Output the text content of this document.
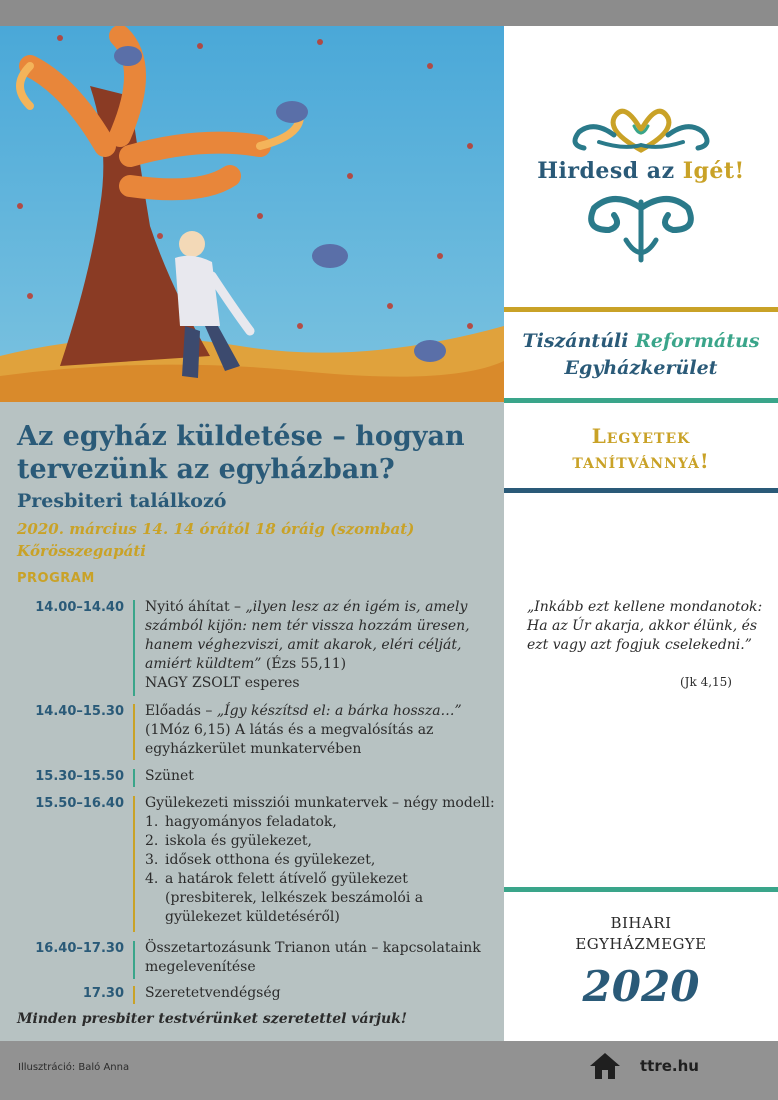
Az egyház küldetése – hogyan tervezünk az egyházban?
Presbiteri találkozó
2020. március 14. 14 órától 18 óráig (szombat)
Kőrösszegapáti
PROGRAM
14.00–14.40 Nyitó áhítat – „ilyen lesz az én igém is, amely számból kijön: nem tér vissza hozzám üresen, hanem véghezviszi, amit akarok, eléri célját, amiért küldtem” (Ézs 55,11)
NAGY ZSOLT esperes
14.40–15.30 Előadás – „Így készítsd el: a bárka hossza…” (1Móz 6,15) A látás és a megvalósítás az egyházkerület munkatervében
15.30–15.50 Szünet
15.50–16.40 Gyülekezeti missziói munkatervek – négy modell:
1. hagyományos feladatok,
2. iskola és gyülekezet,
3. idősek otthona és gyülekezet,
4. a határok felett átívelő gyülekezet
(presbiterek, lelkészek beszámolói a gyülekezet küldetéséről)
16.40–17.30 Összetartozásunk Trianon után – kapcsolataink megelevenítése
17.30 Szeretetvendégség
Minden presbiter testvérünket szeretettel várjuk!
Hirdesd az Igét!
Tiszántúli Református
Egyházkerület
Legyetek
tanítvánnyá!
„Inkább ezt kellene mondanotok: Ha az Úr akarja, akkor élünk, és ezt vagy azt fogjuk cselekedni.”
(Jk 4,15)
BIHARI
EGYHÁZMEGYE
2020
Illusztráció: Baló Anna	ttre.hu
